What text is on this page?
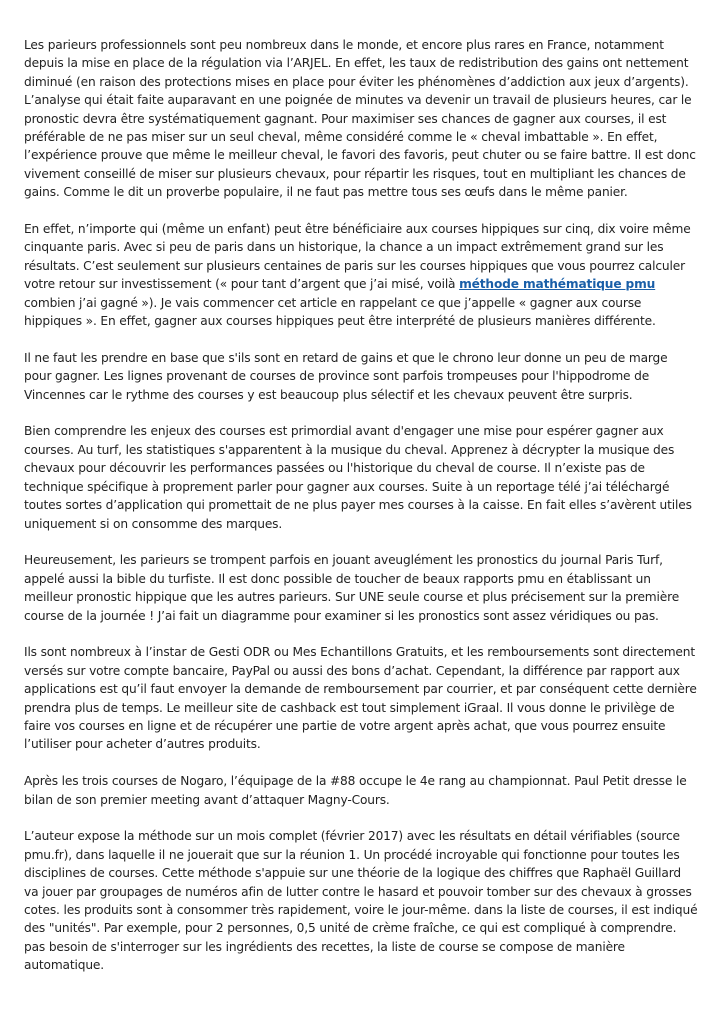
Les parieurs professionnels sont peu nombreux dans le monde, et encore plus rares en France, notamment depuis la mise en place de la régulation via l’ARJEL. En effet, les taux de redistribution des gains ont nettement diminué (en raison des protections mises en place pour éviter les phénomènes d’addiction aux jeux d’argents). L’analyse qui était faite auparavant en une poignée de minutes va devenir un travail de plusieurs heures, car le pronostic devra être systématiquement gagnant. Pour maximiser ses chances de gagner aux courses, il est préférable de ne pas miser sur un seul cheval, même considéré comme le « cheval imbattable ». En effet, l’expérience prouve que même le meilleur cheval, le favori des favoris, peut chuter ou se faire battre. Il est donc vivement conseillé de miser sur plusieurs chevaux, pour répartir les risques, tout en multipliant les chances de gains. Comme le dit un proverbe populaire, il ne faut pas mettre tous ses œufs dans le même panier.

En effet, n’importe qui (même un enfant) peut être bénéficiaire aux courses hippiques sur cinq, dix voire même cinquante paris. Avec si peu de paris dans un historique, la chance a un impact extrêmement grand sur les résultats. C’est seulement sur plusieurs centaines de paris sur les courses hippiques que vous pourrez calculer votre retour sur investissement (« pour tant d’argent que j’ai misé, voilà méthode mathématique pmu combien j’ai gagné »). Je vais commencer cet article en rappelant ce que j’appelle « gagner aux course hippiques ». En effet, gagner aux courses hippiques peut être interprété de plusieurs manières différente.

Il ne faut les prendre en base que s'ils sont en retard de gains et que le chrono leur donne un peu de marge pour gagner. Les lignes provenant de courses de province sont parfois trompeuses pour l'hippodrome de Vincennes car le rythme des courses y est beaucoup plus sélectif et les chevaux peuvent être surpris.

Bien comprendre les enjeux des courses est primordial avant d'engager une mise pour espérer gagner aux courses. Au turf, les statistiques s'apparentent à la musique du cheval. Apprenez à décrypter la musique des chevaux pour découvrir les performances passées ou l'historique du cheval de course. Il n’existe pas de technique spécifique à proprement parler pour gagner aux courses. Suite à un reportage télé j’ai téléchargé toutes sortes d’application qui promettait de ne plus payer mes courses à la caisse. En fait elles s’avèrent utiles uniquement si on consomme des marques.

Heureusement, les parieurs se trompent parfois en jouant aveuglément les pronostics du journal Paris Turf, appelé aussi la bible du turfiste. Il est donc possible de toucher de beaux rapports pmu en établissant un meilleur pronostic hippique que les autres parieurs. Sur UNE seule course et plus précisement sur la première course de la journée ! J’ai fait un diagramme pour examiner si les pronostics sont assez véridiques ou pas.

Ils sont nombreux à l’instar de Gesti ODR ou Mes Echantillons Gratuits, et les remboursements sont directement versés sur votre compte bancaire, PayPal ou aussi des bons d’achat. Cependant, la différence par rapport aux applications est qu’il faut envoyer la demande de remboursement par courrier, et par conséquent cette dernière prendra plus de temps. Le meilleur site de cashback est tout simplement iGraal. Il vous donne le privilège de faire vos courses en ligne et de récupérer une partie de votre argent après achat, que vous pourrez ensuite l’utiliser pour acheter d’autres produits.

Après les trois courses de Nogaro, l’équipage de la #88 occupe le 4e rang au championnat. Paul Petit dresse le bilan de son premier meeting avant d’attaquer Magny-Cours.

L’auteur expose la méthode sur un mois complet (février 2017) avec les résultats en détail vérifiables (source pmu.fr), dans laquelle il ne jouerait que sur la réunion 1. Un procédé incroyable qui fonctionne pour toutes les disciplines de courses. Cette méthode s'appuie sur une théorie de la logique des chiffres que Raphaël Guillard va jouer par groupages de numéros afin de lutter contre le hasard et pouvoir tomber sur des chevaux à grosses cotes. les produits sont à consommer très rapidement, voire le jour-même. dans la liste de courses, il est indiqué des "unités". Par exemple, pour 2 personnes, 0,5 unité de crème fraîche, ce qui est compliqué à comprendre. pas besoin de s'interroger sur les ingrédients des recettes, la liste de course se compose de manière automatique.
